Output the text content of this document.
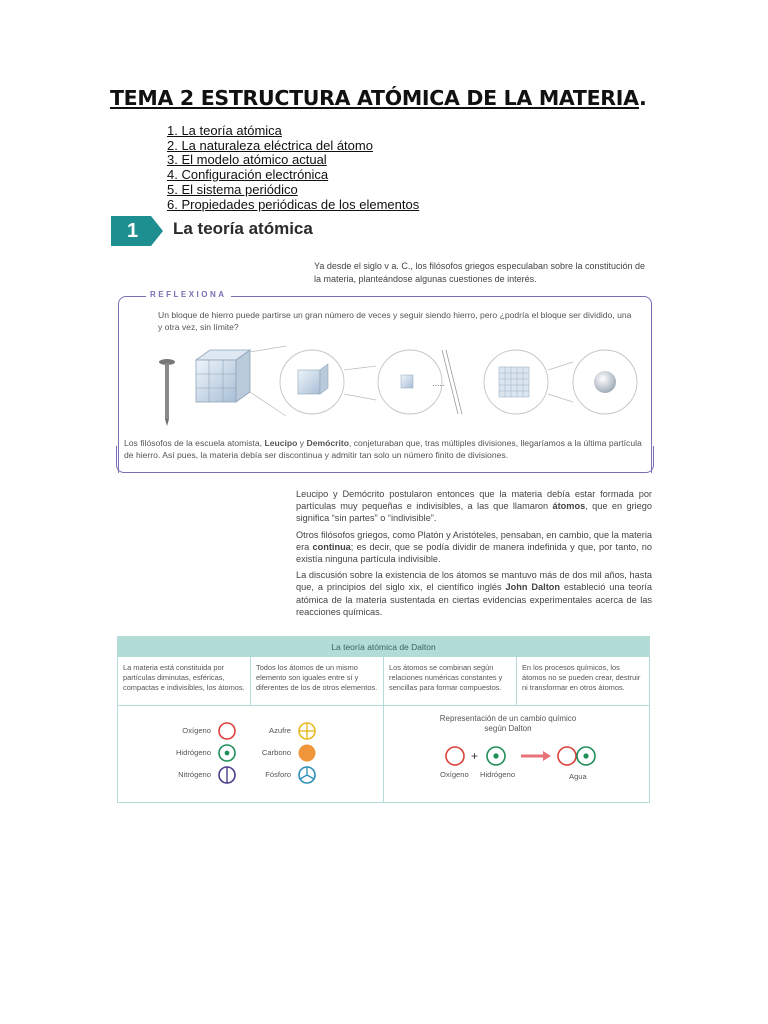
TEMA 2 ESTRUCTURA ATÓMICA DE LA MATERIA.
1. La teoría atómica
2. La naturaleza eléctrica del átomo
3. El modelo atómico actual
4. Configuración electrónica
5. El sistema periódico
6. Propiedades periódicas de los elementos
1	La teoría atómica
Ya desde el siglo v a. C., los filósofos griegos especulaban sobre la constitución de la materia, planteándose algunas cuestiones de interés.
REFLEXIONA
Un bloque de hierro puede partirse un gran número de veces y seguir siendo hierro, pero ¿podría el bloque ser dividido, una y otra vez, sin límite?
Los filósofos de la escuela atomista, Leucipo y Demócrito, conjeturaban que, tras múltiples divisiones, llegaríamos a la última partícula de hierro. Así pues, la materia debía ser discontinua y admitir tan solo un número finito de divisiones.
.....

Leucipo y Demócrito postularon entonces que la materia debía estar formada por partículas muy pequeñas e indivisibles, a las que llamaron átomos, que en griego significa “sin partes” o “indivisible”.

Otros filósofos griegos, como Platón y Aristóteles, pensaban, en cambio, que la materia era continua; es decir, que se podía dividir de manera indefinida y que, por tanto, no existía ninguna partícula indivisible.

La discusión sobre la existencia de los átomos se mantuvo más de dos mil años, hasta que, a principios del siglo xix, el científico inglés John Dalton estableció una teoría atómica de la materia sustentada en ciertas evidencias experimentales acerca de las reacciones químicas.

La teoría atómica de Dalton
La materia está constituida por partículas diminutas, esféricas, compactas e indivisibles, los átomos.
Todos los átomos de un mismo elemento son iguales entre sí y diferentes de los de otros elementos.
Los átomos se combinan según relaciones numéricas constantes y sencillas para formar compuestos.
En los procesos químicos, los átomos no se pueden crear, destruir ni transformar en otros átomos.
Oxígeno
Hidrógeno
Nitrógeno
Azufre
Carbono
Fósforo
Representación de un cambio químico según Dalton
+
Oxígeno Hidrógeno	Agua
